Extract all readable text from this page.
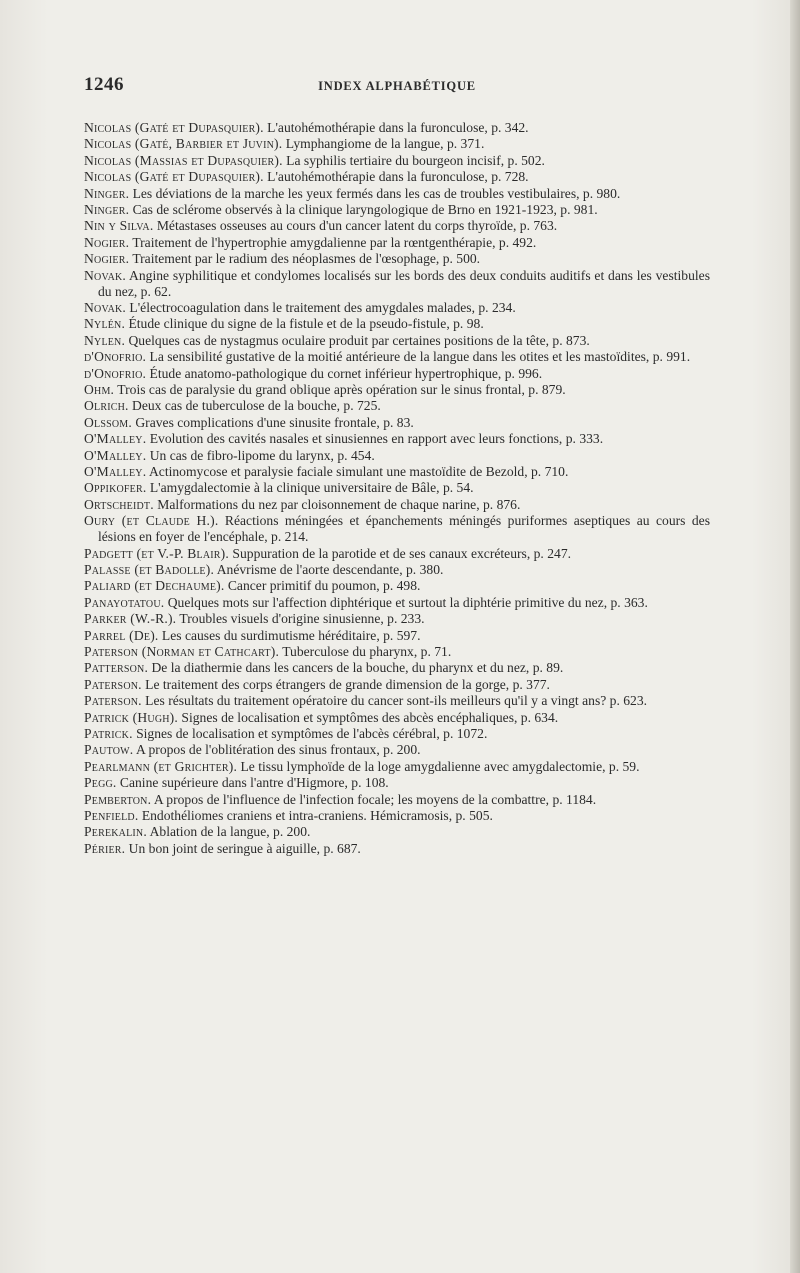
1246	INDEX ALPHABÉTIQUE

Nicolas (Gaté et Dupasquier). L'autohémothérapie dans la furonculose, p. 342.

Nicolas (Gaté, Barbier et Juvin). Lymphangiome de la langue, p. 371.

Nicolas (Massias et Dupasquier). La syphilis tertiaire du bourgeon incisif, p. 502.

Nicolas (Gaté et Dupasquier). L'autohémothérapie dans la furonculose, p. 728.

Ninger. Les déviations de la marche les yeux fermés dans les cas de troubles vestibulaires, p. 980.

Ninger. Cas de sclérome observés à la clinique laryngologique de Brno en 1921-1923, p. 981.

Nin y Silva. Métastases osseuses au cours d'un cancer latent du corps thyroïde, p. 763.

Nogier. Traitement de l'hypertrophie amygdalienne par la rœntgenthérapie, p. 492.

Nogier. Traitement par le radium des néoplasmes de l'œsophage, p. 500.

Novak. Angine syphilitique et condylomes localisés sur les bords des deux conduits auditifs et dans les vestibules du nez, p. 62.

Novak. L'électrocoagulation dans le traitement des amygdales malades, p. 234.

Nylén. Étude clinique du signe de la fistule et de la pseudo-fistule, p. 98.

Nylen. Quelques cas de nystagmus oculaire produit par certaines positions de la tête, p. 873.

d'Onofrio. La sensibilité gustative de la moitié antérieure de la langue dans les otites et les mastoïdites, p. 991.

d'Onofrio. Étude anatomo-pathologique du cornet inférieur hypertrophique, p. 996.

Ohm. Trois cas de paralysie du grand oblique après opération sur le sinus frontal, p. 879.

Olrich. Deux cas de tuberculose de la bouche, p. 725.

Olssom. Graves complications d'une sinusite frontale, p. 83.

O'Malley. Evolution des cavités nasales et sinusiennes en rapport avec leurs fonctions, p. 333.

O'Malley. Un cas de fibro-lipome du larynx, p. 454.

O'Malley. Actinomycose et paralysie faciale simulant une mastoïdite de Bezold, p. 710.

Oppikofer. L'amygdalectomie à la clinique universitaire de Bâle, p. 54.

Ortscheidt. Malformations du nez par cloisonnement de chaque narine, p. 876.

Oury (et Claude H.). Réactions méningées et épanchements méningés puriformes aseptiques au cours des lésions en foyer de l'encéphale, p. 214.

Padgett (et V.-P. Blair). Suppuration de la parotide et de ses canaux excréteurs, p. 247.

Palasse (et Badolle). Anévrisme de l'aorte descendante, p. 380.

Paliard (et Dechaume). Cancer primitif du poumon, p. 498.

Panayotatou. Quelques mots sur l'affection diphtérique et surtout la diphtérie primitive du nez, p. 363.

Parker (W.-R.). Troubles visuels d'origine sinusienne, p. 233.

Parrel (De). Les causes du surdimutisme héréditaire, p. 597.

Paterson (Norman et Cathcart). Tuberculose du pharynx, p. 71.

Patterson. De la diathermie dans les cancers de la bouche, du pharynx et du nez, p. 89.

Paterson. Le traitement des corps étrangers de grande dimension de la gorge, p. 377.

Paterson. Les résultats du traitement opératoire du cancer sont-ils meilleurs qu'il y a vingt ans? p. 623.

Patrick (Hugh). Signes de localisation et symptômes des abcès encéphaliques, p. 634.

Patrick. Signes de localisation et symptômes de l'abcès cérébral, p. 1072.

Pautow. A propos de l'oblitération des sinus frontaux, p. 200.

Pearlmann (et Grichter). Le tissu lymphoïde de la loge amygdalienne avec amygdalectomie, p. 59.

Pegg. Canine supérieure dans l'antre d'Higmore, p. 108.

Pemberton. A propos de l'influence de l'infection focale; les moyens de la combattre, p. 1184.

Penfield. Endothéliomes craniens et intra-craniens. Hémicramosis, p. 505.

Perekalin. Ablation de la langue, p. 200.

Périer. Un bon joint de seringue à aiguille, p. 687.
